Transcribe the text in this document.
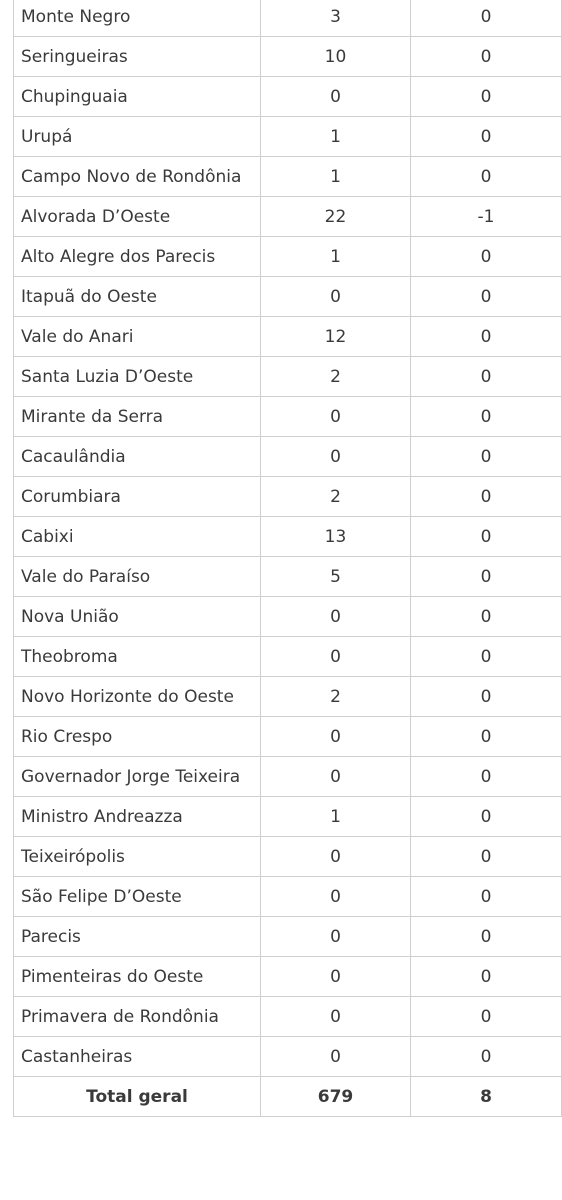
Monte Negro	3	0
Seringueiras	10	0
Chupinguaia	0	0
Urupá	1	0
Campo Novo de Rondônia	1	0
Alvorada D’Oeste	22	-1
Alto Alegre dos Parecis	1	0
Itapuã do Oeste	0	0
Vale do Anari	12	0
Santa Luzia D’Oeste	2	0
Mirante da Serra	0	0
Cacaulândia	0	0
Corumbiara	2	0
Cabixi	13	0
Vale do Paraíso	5	0
Nova União	0	0
Theobroma	0	0
Novo Horizonte do Oeste	2	0
Rio Crespo	0	0
Governador Jorge Teixeira	0	0
Ministro Andreazza	1	0
Teixeirópolis	0	0
São Felipe D’Oeste	0	0
Parecis	0	0
Pimenteiras do Oeste	0	0
Primavera de Rondônia	0	0
Castanheiras	0	0
Total geral	679	8
